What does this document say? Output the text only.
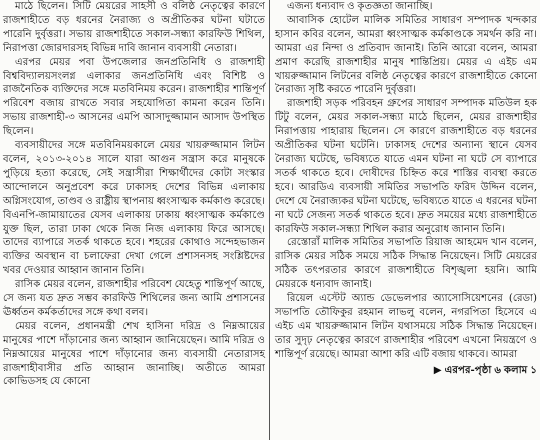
মাঠে ছিলেন। সিটি মেয়রের সাহসী ও বলিষ্ঠ নেতৃত্বের কারণে রাজশাহীতে বড় ধরনের নৈরাজ্য ও অপ্রীতিকর ঘটনা ঘটাতে পারেনি দুর্বৃত্তরা। সভায় রাজশাহীতে সকাল-সন্ধ্যা কারফিউ শিথিল, নিরাপত্তা জোরদারসহ বিভিন্ন দাবি জানান ব্যবসায়ী নেতারা।

এরপর মেয়র পবা উপজেলার জনপ্রতিনিধি ও রাজশাহী বিশ্ববিদ্যালয়সংলগ্ন এলাকার জনপ্রতিনিধি এবং বিশিষ্ট ও রাজনৈতিক ব্যক্তিদের সঙ্গে মতবিনিময় করেন। রাজশাহীর শান্তিপূর্ণ পরিবেশ বজায় রাখতে সবার সহযোগিতা কামনা করেন তিনি। সভায় রাজশাহী-৩ আসনের এমপি আসাদুজ্জামান আসাদ উপস্থিত ছিলেন।

ব্যবসায়ীদের সঙ্গে মতবিনিময়কালে মেয়র খায়রুজ্জামান লিটন বলেন, ২০১৩-২০১৪ সালে যারা আগুন সন্ত্রাস করে মানুষকে পুড়িয়ে হত্যা করেছে, সেই সন্ত্রাসীরা শিক্ষার্থীদের কোটা সংস্কার আন্দোলনে অনুপ্রবেশ করে ঢাকাসহ দেশের বিভিন্ন এলাকায় অগ্নিসংযোগ, তাণ্ডব ও রাষ্ট্রীয় স্থাপনায় ধ্বংসাত্মক কর্মকাণ্ড করেছে। বিএনপি-জামায়াতের যেসব এলাকায় ঢাকায় ধ্বংসাত্মক কর্মকাণ্ডে যুক্ত ছিল, তারা ঢাকা থেকে নিজ নিজ এলাকায় ফিরে আসছে। তাদের ব্যাপারে সতর্ক থাকতে হবে। শহরের কোথাও সন্দেহভাজন ব্যক্তির অবস্থান বা চলাফেরা দেখা গেলে প্রশাসনসহ সংশ্লিষ্টদের খবর দেওয়ার আহ্বান জানান তিনি।

রাসিক মেয়র বলেন, রাজশাহীর পরিবেশ যেহেতু শান্তিপূর্ণ আছে, সে জন্য যত দ্রুত সম্ভব কারফিউ শিথিলের জন্য আমি প্রশাসনের ঊর্ধ্বতন কর্মকর্তাদের সঙ্গে কথা বলব।

মেয়র বলেন, প্রধানমন্ত্রী শেখ হাসিনা দরিদ্র ও নিম্নআয়ের মানুষের পাশে দাঁড়ানোর জন্য আহ্বান জানিয়েছেন। আমি দরিদ্র ও নিম্নআয়ের মানুষের পাশে দাঁড়ানোর জন্য ব্যবসায়ী নেতারাসহ রাজশাহীবাসীর প্রতি আহ্বান জানাচ্ছি। অতীতে আমরা কোভিডসহ যে কোনো

এজন্য ধন্যবাদ ও কৃতজ্ঞতা জানাচ্ছি।

আবাসিক হোটেল মালিক সমিতির সাধারণ সম্পাদক খন্দকার হাসান কবির বলেন, আমরা ধ্বংসাত্মক কর্মকাণ্ডকে সমর্থন করি না। আমরা এর নিন্দা ও প্রতিবাদ জানাই। তিনি আরো বলেন, আমরা প্রমাণ করেছি রাজশাহীর মানুষ শান্তিপ্রিয়। মেয়র এ এইচ এম খায়রুজ্জামান লিটনের বলিষ্ঠ নেতৃত্বের কারণে রাজশাহীতে কোনো নৈরাজ্য সৃষ্টি করতে পারেনি দুর্বৃত্তরা।

রাজশাহী সড়ক পরিবহন গ্রুপের সাধারণ সম্পাদক মতিউল হক টিটু বলেন, মেয়র সকাল-সন্ধ্যা মাঠে ছিলেন, মেয়র রাজশাহীর নিরাপত্তায় পাহারায় ছিলেন। সে কারণে রাজশাহীতে বড় ধরনের অপ্রীতিকর ঘটনা ঘটেনি। ঢাকাসহ দেশের অন্যান্য স্থানে যেসব নৈরাজ্য ঘটেছে, ভবিষ্যতে যাতে এমন ঘটনা না ঘটে সে ব্যাপারে সতর্ক থাকতে হবে। দোষীদের চিহ্নিত করে শাস্তির ব্যবস্থা করতে হবে। আরডিএ ব্যবসায়ী সমিতির সভাপতি ফরিদ উদ্দিন বলেন, দেশে যে নৈরাজ্যকর ঘটনা ঘটেছে, ভবিষ্যতে যাতে এ ধরনের ঘটনা না ঘটে সেজন্য সতর্ক থাকতে হবে। দ্রুত সময়ের মধ্যে রাজশাহীতে কারফিউ সকাল-সন্ধ্যা শিথিল করার অনুরোধ জানান তিনি।

রেস্তোরাঁ মালিক সমিতির সভাপতি রিয়াজ আহমেদ খান বলেন, রাসিক মেয়র সঠিক সময়ে সঠিক সিদ্ধান্ত নিয়েছেন। সিটি মেয়রের সঠিক তৎপরতার কারণে রাজশাহীতে বিশৃঙ্খলা হয়নি। আমি মেয়রকে ধন্যবাদ জানাই।

রিয়েল এস্টেট অ্যান্ড ডেভেলপার অ্যাসোসিয়েশনের (রেডা) সভাপতি তৌফিকুর রহমান লাভলু বলেন, নগরপিতা হিসেবে এ এইচ এম খায়রুজ্জামান লিটন যথাসময়ে সঠিক সিদ্ধান্ত নিয়েছেন। তার সুদৃঢ় নেতৃত্বের কারণে রাজশাহীর পরিবেশ এখনো নিয়ন্ত্রণে ও শান্তিপূর্ণ রয়েছে। আমরা আশা করি এটি বজায় থাকবে। আমরা

▶ এরপর-পৃষ্ঠা ৬ কলাম ১
